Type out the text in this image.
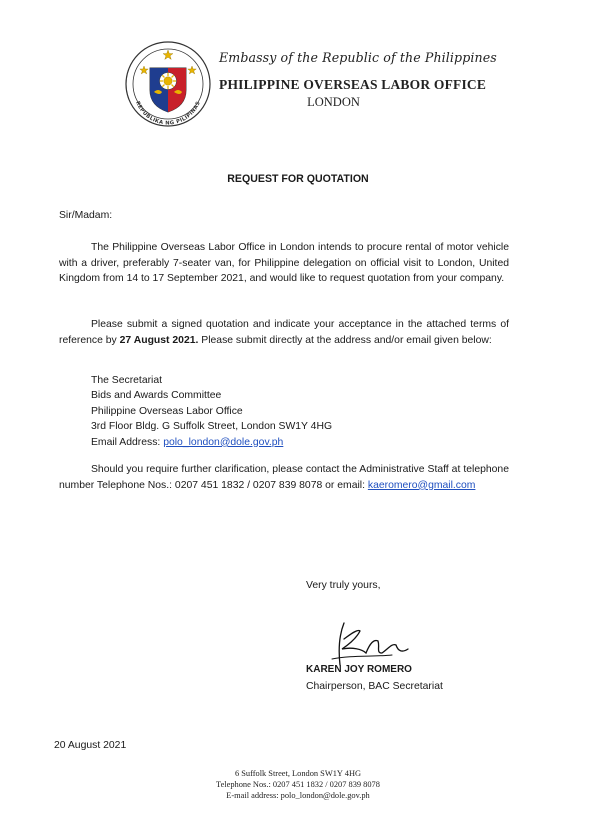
REPUBLIKA NG PILIPINAS
Embassy of the Republic of the Philippines
PHILIPPINE OVERSEAS LABOR OFFICE
LONDON
REQUEST FOR QUOTATION
Sir/Madam:

The Philippine Overseas Labor Office in London intends to procure rental of motor vehicle with a driver, preferably 7-seater van, for Philippine delegation on official visit to London, United Kingdom from 14 to 17 September 2021, and would like to request quotation from your company.

Please submit a signed quotation and indicate your acceptance in the attached terms of reference by 27 August 2021. Please submit directly at the address and/or email given below:

The Secretariat
Bids and Awards Committee
Philippine Overseas Labor Office
3rd Floor Bldg. G Suffolk Street, London SW1Y 4HG
Email Address: polo_london@dole.gov.ph

Should you require further clarification, please contact the Administrative Staff at telephone number Telephone Nos.: 0207 451 1832 / 0207 839 8078 or email: kaeromero@gmail.com

Very truly yours,
KAREN JOY ROMERO
Chairperson, BAC Secretariat
20 August 2021
6 Suffolk Street, London SW1Y 4HG
Telephone Nos.: 0207 451 1832 / 0207 839 8078
E-mail address: polo_london@dole.gov.ph
